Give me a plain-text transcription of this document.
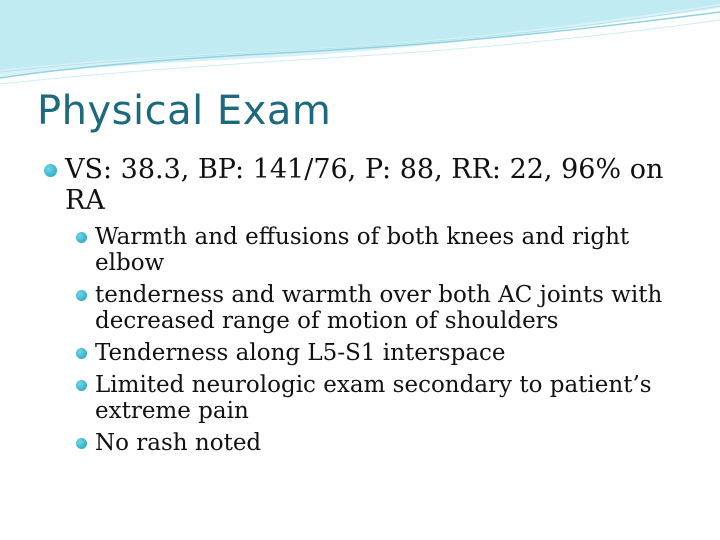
Physical Exam
VS: 38.3, BP: 141/76, P: 88, RR: 22, 96% on RA
Warmth and effusions of both knees and right elbow
tenderness and warmth over both AC joints with decreased range of motion of shoulders
Tenderness along L5-S1 interspace
Limited neurologic exam secondary to patient’s extreme pain
No rash noted
